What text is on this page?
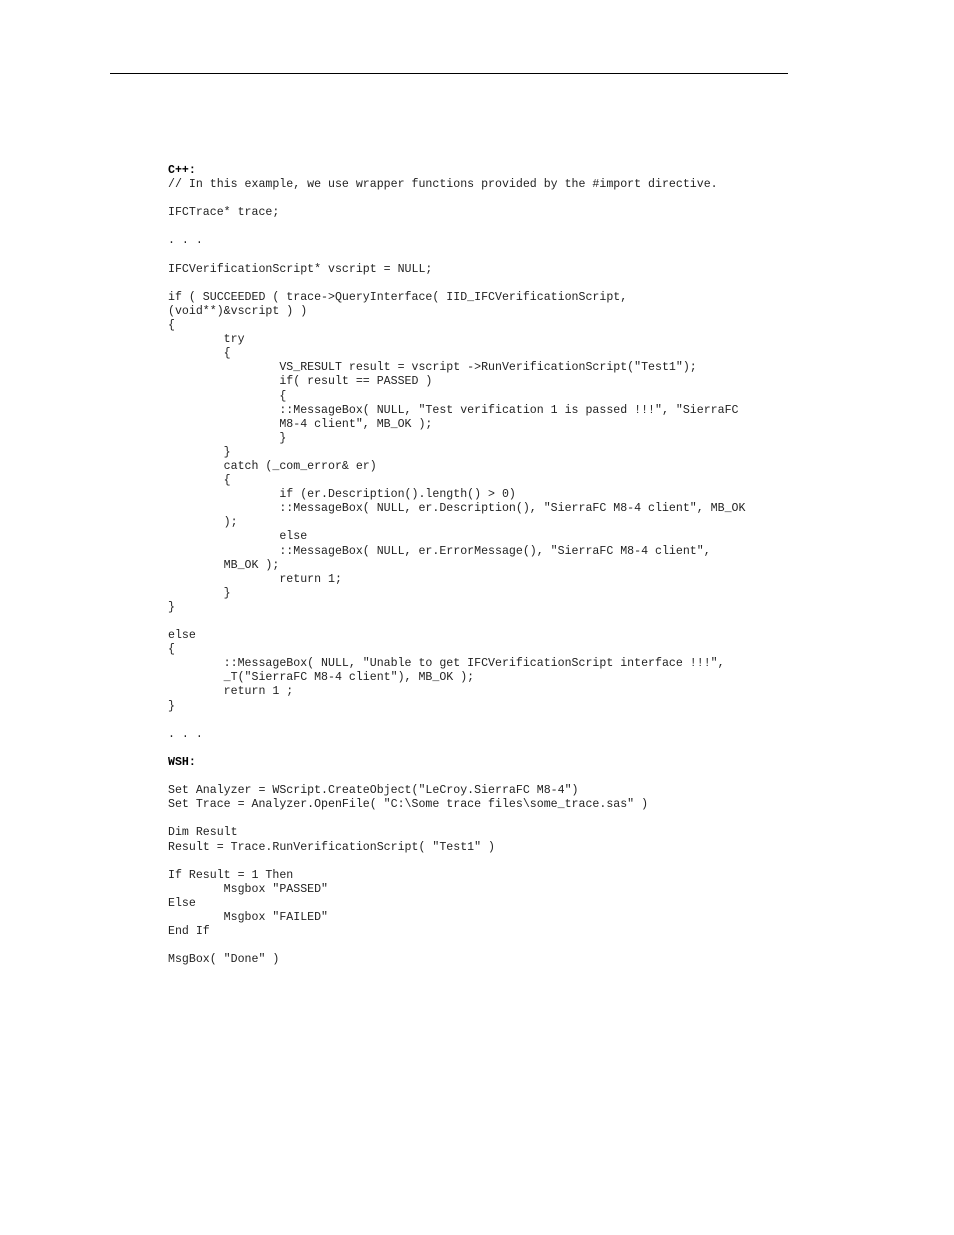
C++:
// In this example, we use wrapper functions provided by the #import directive.
IFCTrace* trace;
. . .
IFCVerificationScript* vscript = NULL;
if ( SUCCEEDED ( trace->QueryInterface( IID_IFCVerificationScript,
(void**)&vscript ) )
{
try
{
VS_RESULT result = vscript ->RunVerificationScript("Test1");
if( result == PASSED )
{
::MessageBox( NULL, "Test verification 1 is passed !!!", "SierraFC
M8-4 client", MB_OK );
}
}
catch (_com_error& er)
{
if (er.Description().length() > 0)
::MessageBox( NULL, er.Description(), "SierraFC M8-4 client", MB_OK
);
else
::MessageBox( NULL, er.ErrorMessage(), "SierraFC M8-4 client",
MB_OK );
return 1;
}
}
else
{
::MessageBox( NULL, "Unable to get IFCVerificationScript interface !!!",
_T("SierraFC M8-4 client"), MB_OK );
return 1 ;
}
. . .
WSH:
Set Analyzer = WScript.CreateObject("LeCroy.SierraFC M8-4")
Set Trace = Analyzer.OpenFile( "C:\Some trace files\some_trace.sas" )
Dim Result
Result = Trace.RunVerificationScript( "Test1" )
If Result = 1 Then
Msgbox "PASSED"
Else
Msgbox "FAILED"
End If
MsgBox( "Done" )
